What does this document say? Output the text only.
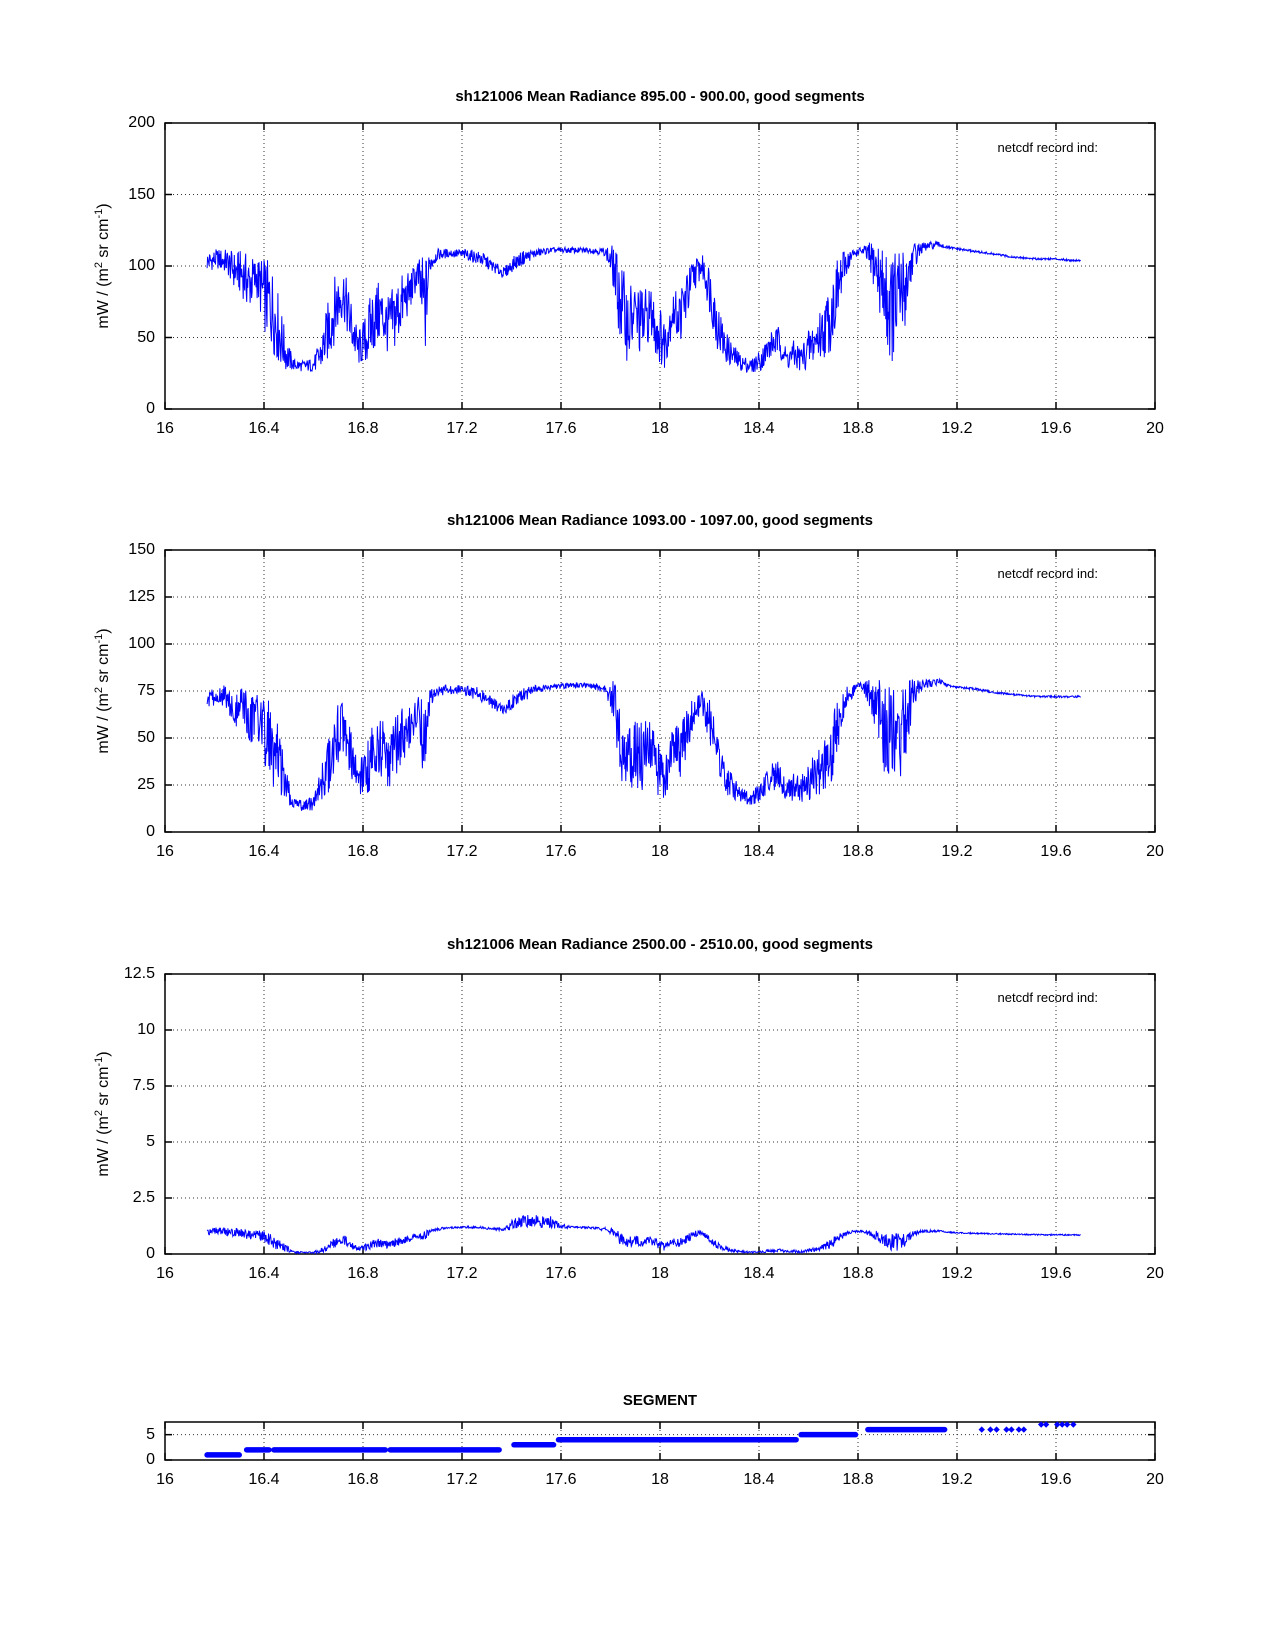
sh121006 Mean Radiance 895.00 - 900.00, good segments
sh121006 Mean Radiance 1093.00 - 1097.00, good segments
sh121006 Mean Radiance 2500.00 - 2510.00, good segments
SEGMENT
netcdf record ind:
netcdf record ind:
netcdf record ind:
mW / ($m^2$ sr $cm^{-1}$)
mW / ($m^2$ sr $cm^{-1}$)
mW / ($m^2$ sr $cm^{-1}$)
16	16.4	16.8	17.2	17.6	18	18.4	18.8	19.2	19.6	20
0
50
100
150
200
16	16.4	16.8	17.2	17.6	18	18.4	18.8	19.2	19.6	20
0
25
50
75
100
125
150
16	16.4	16.8	17.2	17.6	18	18.4	18.8	19.2	19.6	20
0
2.5
5
7.5
10
12.5
16	16.4	16.8	17.2	17.6	18	18.4	18.8	19.2	19.6	20
0
5
